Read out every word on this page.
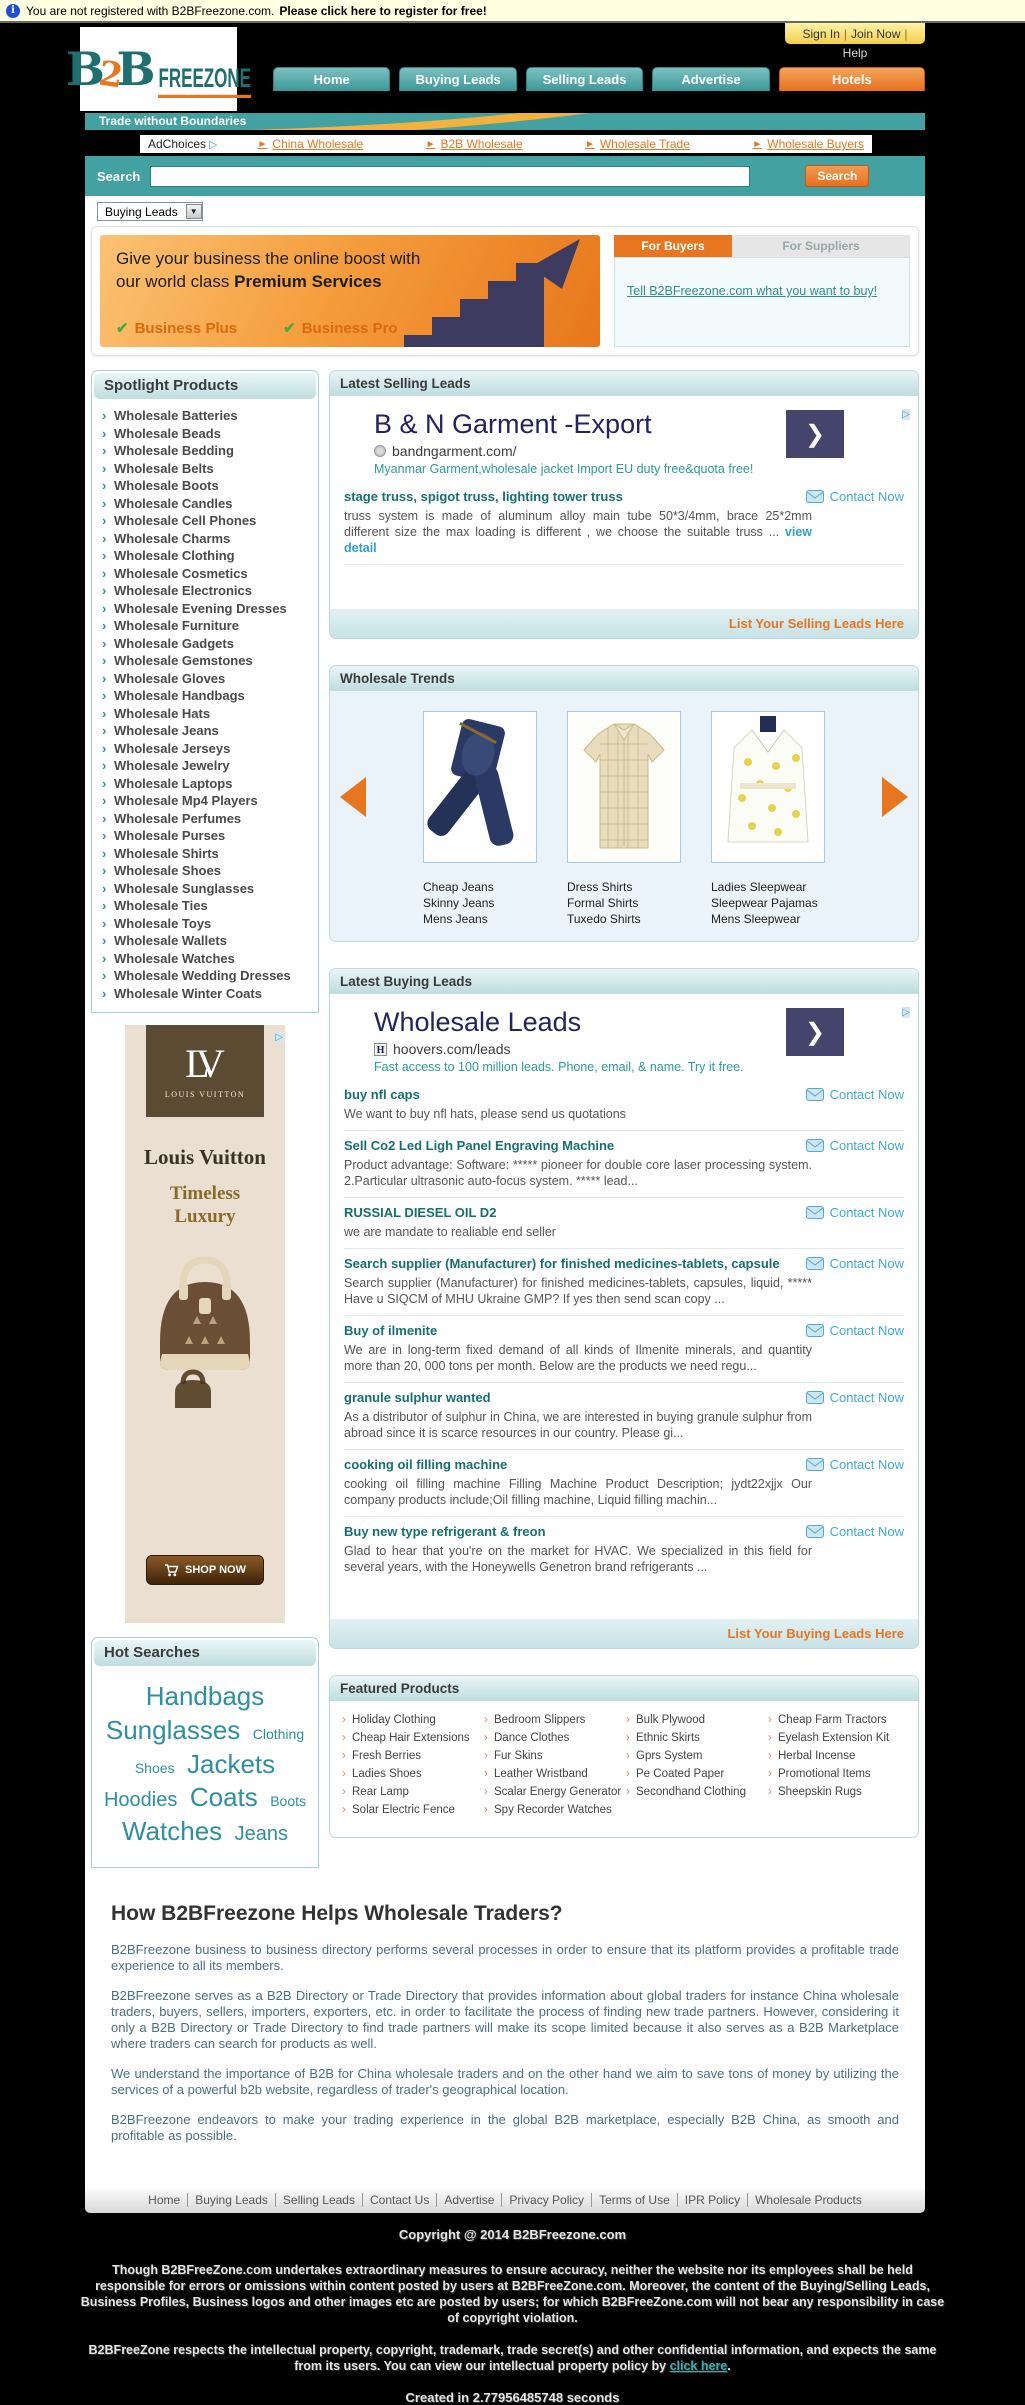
i You are not registered with B2BFreezone.com. Please click here to register for free!
B
2
B FREEZONE
Sign In | Join Now |
Help
Home	Buying Leads	Selling Leads	Advertise	Hotels
Trade without Boundaries
AdChoices ▷	► China Wholesale	► B2B Wholesale	► Wholesale Trade	► Wholesale Buyers
Search	Search
Buying Leads	▼
Give your business the online boost with
our world class Premium Services
✔ Business Plus	✔ Business Pro
For Buyers	For Suppliers
Tell B2BFreezone.com what you want to buy!
Spotlight Products
› Wholesale Batteries
› Wholesale Beads
› Wholesale Bedding
› Wholesale Belts
› Wholesale Boots
› Wholesale Candles
› Wholesale Cell Phones
› Wholesale Charms
› Wholesale Clothing
› Wholesale Cosmetics
› Wholesale Electronics
› Wholesale Evening Dresses
› Wholesale Furniture
› Wholesale Gadgets
› Wholesale Gemstones
› Wholesale Gloves
› Wholesale Handbags
› Wholesale Hats
› Wholesale Jeans
› Wholesale Jerseys
› Wholesale Jewelry
› Wholesale Laptops
› Wholesale Mp4 Players
› Wholesale Perfumes
› Wholesale Purses
› Wholesale Shirts
› Wholesale Shoes
› Wholesale Sunglasses
› Wholesale Ties
› Wholesale Toys
› Wholesale Wallets
› Wholesale Watches
› Wholesale Wedding Dresses
› Wholesale Winter Coats
▷
LV
LOUIS VUITTON
Louis Vuitton
Timeless
Luxury
SHOP NOW
Hot Searches
Handbags Sunglasses Clothing Shoes Jackets Hoodies Coats Boots Watches Jeans
Latest Selling Leads
▷
B & N Garment -Export
bandngarment.com/
Myanmar Garment,wholesale jacket Import EU duty free&quota free!
❯
stage truss, spigot truss, lighting tower truss	Contact Now
truss system is made of aluminum alloy main tube 50*3/4mm, brace 25*2mm different size the max loading is different , we choose the suitable truss ... view detail
List Your Selling Leads Here
Wholesale Trends
Cheap Jeans
Skinny Jeans
Mens Jeans
Dress Shirts
Formal Shirts
Tuxedo Shirts
Ladies Sleepwear
Sleepwear Pajamas
Mens Sleepwear
Latest Buying Leads
▷
Wholesale Leads
H hoovers.com/leads
Fast access to 100 million leads. Phone, email, & name. Try it free.
❯
buy nfl caps	Contact Now
We want to buy nfl hats, please send us quotations
Sell Co2 Led Ligh Panel Engraving Machine	Contact Now
Product advantage: Software: ***** pioneer for double core laser processing system. 2.Particular ultrasonic auto-focus system. ***** lead...
RUSSIAL DIESEL OIL D2	Contact Now
we are mandate to realiable end seller
Search supplier (Manufacturer) for finished medicines-tablets, capsule	Contact Now
Search supplier (Manufacturer) for finished medicines-tablets, capsules, liquid, ***** Have u SIQCM of MHU Ukraine GMP? If yes then send scan copy ...
Buy of ilmenite	Contact Now
We are in long-term fixed demand of all kinds of Ilmenite minerals, and quantity more than 20, 000 tons per month. Below are the products we need regu...
granule sulphur wanted	Contact Now
As a distributor of sulphur in China, we are interested in buying granule sulphur from abroad since it is scarce resources in our country. Please gi...
cooking oil filling machine	Contact Now
cooking oil filling machine Filling Machine Product Description; jydt22xjjx Our company products include;Oil filling machine, Liquid filling machin...
Buy new type refrigerant & freon	Contact Now
Glad to hear that you're on the market for HVAC. We specialized in this field for several years, with the Honeywells Genetron brand refrigerants ...
List Your Buying Leads Here
Featured Products
› Holiday Clothing
› Cheap Hair Extensions
› Fresh Berries
› Ladies Shoes
› Rear Lamp
› Solar Electric Fence
› Bedroom Slippers
› Dance Clothes
› Fur Skins
› Leather Wristband
› Scalar Energy Generator
› Spy Recorder Watches
› Bulk Plywood
› Ethnic Skirts
› Gprs System
› Pe Coated Paper
› Secondhand Clothing
› Cheap Farm Tractors
› Eyelash Extension Kit
› Herbal Incense
› Promotional Items
› Sheepskin Rugs
How B2BFreezone Helps Wholesale Traders?

B2BFreezone business to business directory performs several processes in order to ensure that its platform provides a profitable trade experience to all its members.

B2BFreezone serves as a B2B Directory or Trade Directory that provides information about global traders for instance China wholesale traders, buyers, sellers, importers, exporters, etc. in order to facilitate the process of finding new trade partners. However, considering it only a B2B Directory or Trade Directory to find trade partners will make its scope limited because it also serves as a B2B Marketplace where traders can search for products as well.

We understand the importance of B2B for China wholesale traders and on the other hand we aim to save tons of money by utilizing the services of a powerful b2b website, regardless of trader's geographical location.

B2BFreezone endeavors to make your trading experience in the global B2B marketplace, especially B2B China, as smooth and profitable as possible.

Home	Buying Leads	Selling Leads	Contact Us	Advertise	Privacy Policy	Terms of Use	IPR Policy	Wholesale Products
Copyright @ 2014 B2BFreezone.com
Though B2BFreeZone.com undertakes extraordinary measures to ensure accuracy, neither the website nor its employees shall be held responsible for errors or omissions within content posted by users at B2BFreeZone.com. Moreover, the content of the Buying/Selling Leads, Business Profiles, Business logos and other images etc are posted by users; for which B2BFreeZone.com will not bear any responsibility in case of copyright violation.
B2BFreeZone respects the intellectual property, copyright, trademark, trade secret(s) and other confidential information, and expects the same from its users. You can view our intellectual property policy by click here.
Created in 2.77956485748 seconds
